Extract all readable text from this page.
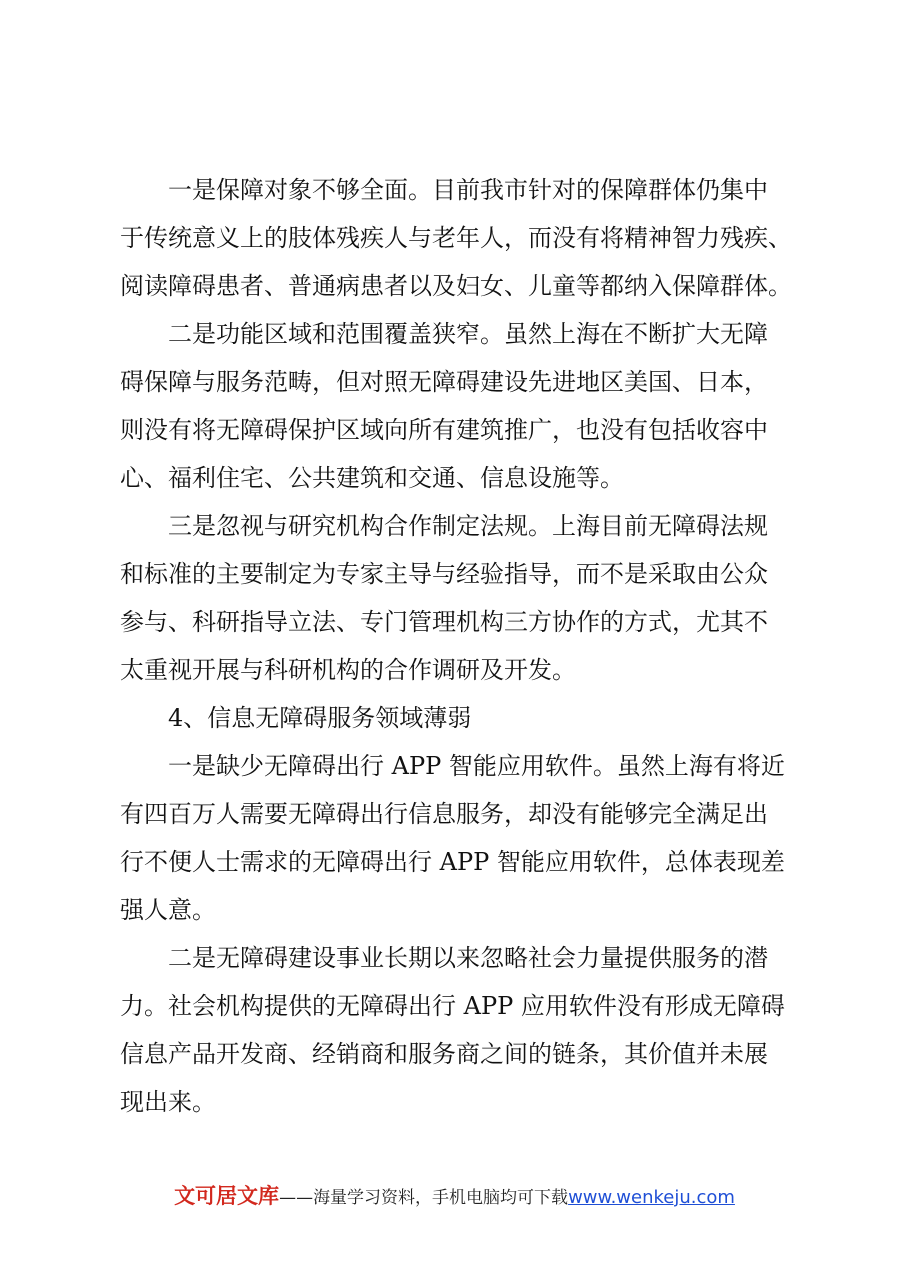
一是保障对象不够全面。目前我市针对的保障群体仍集中
于传统意义上的肢体残疾人与老年人，而没有将精神智力残疾、
阅读障碍患者、普通病患者以及妇女、儿童等都纳入保障群体。
二是功能区域和范围覆盖狭窄。虽然上海在不断扩大无障
碍保障与服务范畴，但对照无障碍建设先进地区美国、日本，
则没有将无障碍保护区域向所有建筑推广，也没有包括收容中
心、福利住宅、公共建筑和交通、信息设施等。
三是忽视与研究机构合作制定法规。上海目前无障碍法规
和标准的主要制定为专家主导与经验指导，而不是采取由公众
参与、科研指导立法、专门管理机构三方协作的方式，尤其不
太重视开展与科研机构的合作调研及开发。
4、信息无障碍服务领域薄弱
一是缺少无障碍出行 APP 智能应用软件。虽然上海有将近
有四百万人需要无障碍出行信息服务，却没有能够完全满足出
行不便人士需求的无障碍出行 APP 智能应用软件，总体表现差
强人意。
二是无障碍建设事业长期以来忽略社会力量提供服务的潜
力。社会机构提供的无障碍出行 APP 应用软件没有形成无障碍
信息产品开发商、经销商和服务商之间的链条，其价值并未展
现出来。
文可居文库——海量学习资料，手机电脑均可下载www.wenkeju.com
